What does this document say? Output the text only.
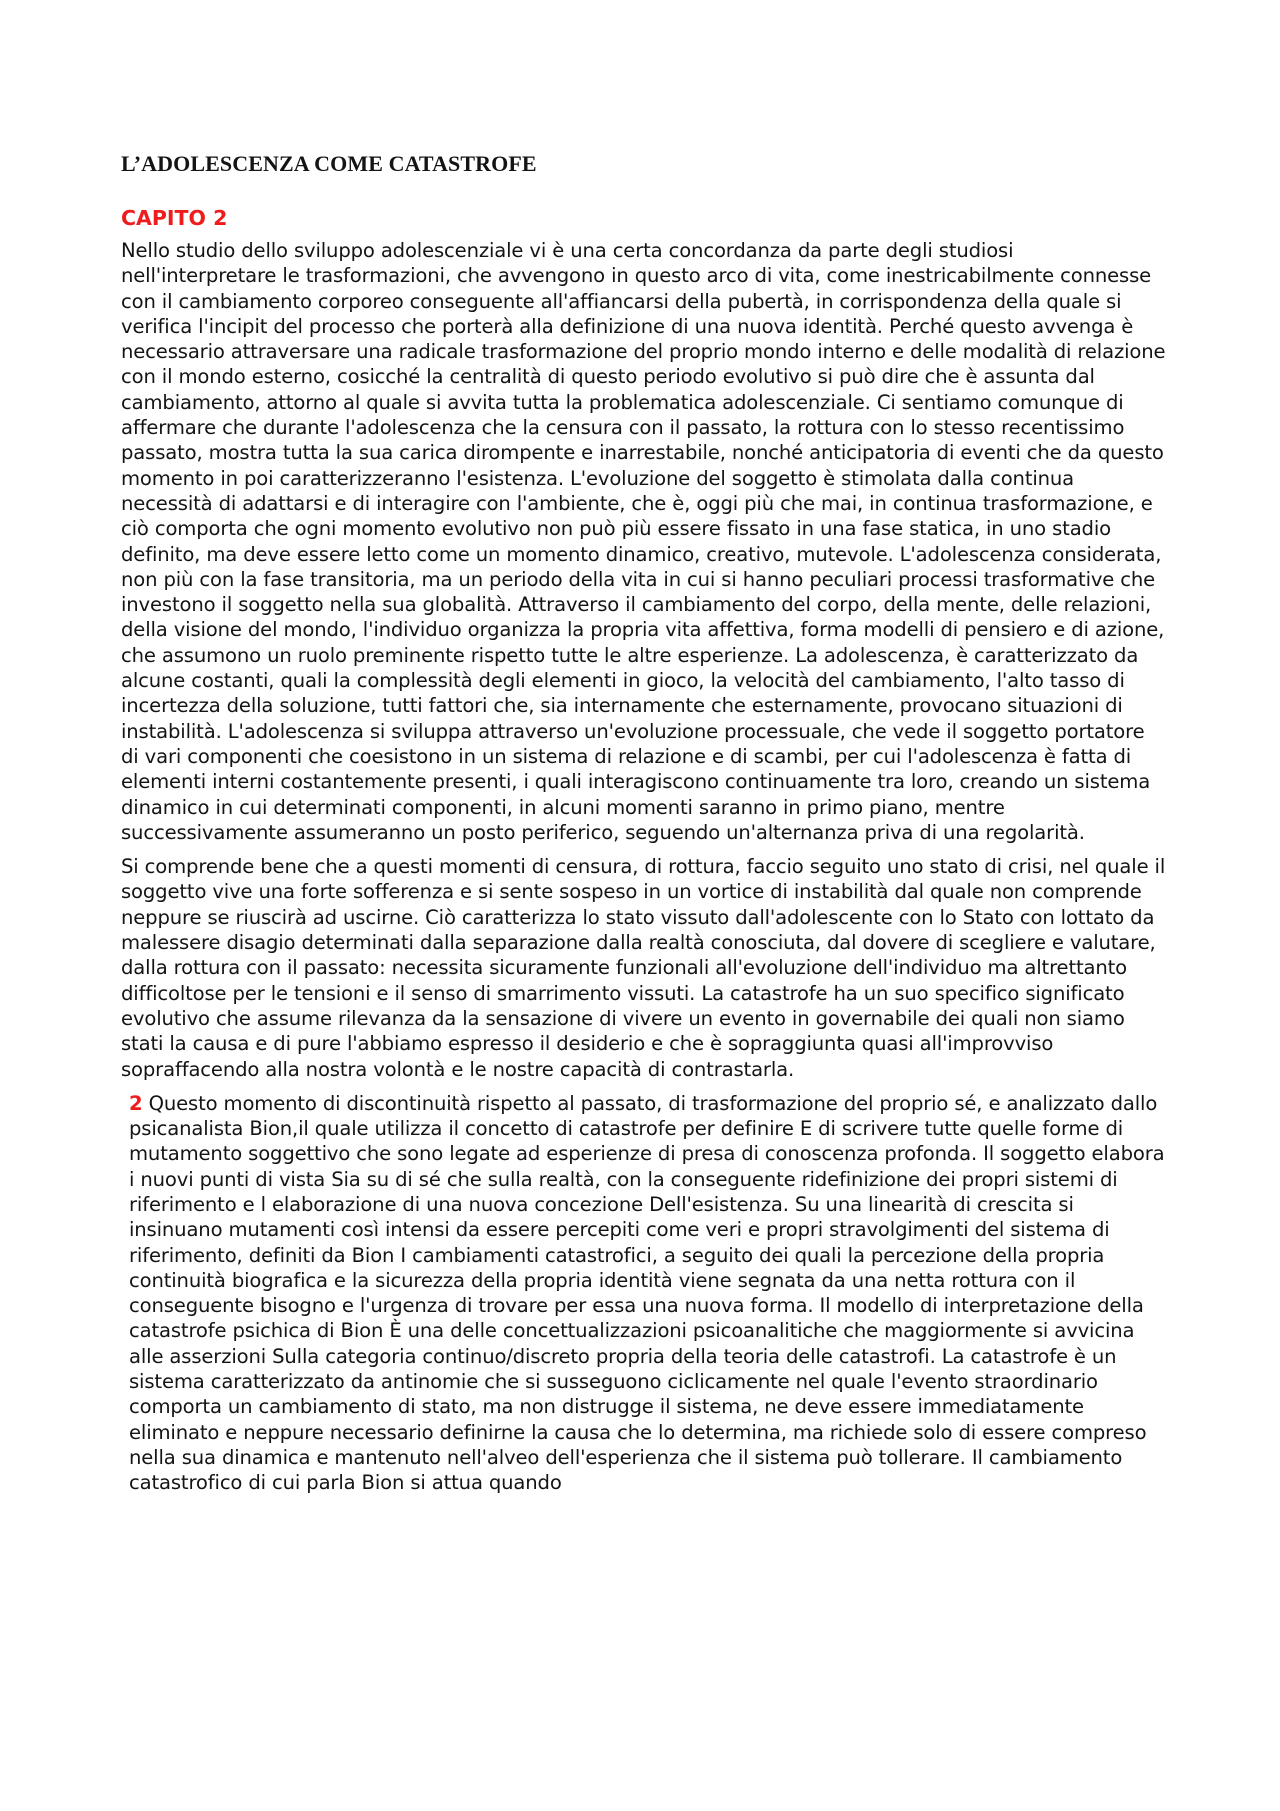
L’ADOLESCENZA COME CATASTROFE
CAPITO 2

Nello studio dello sviluppo adolescenziale vi è una certa concordanza da parte degli studiosi nell'interpretare le trasformazioni, che avvengono in questo arco di vita, come inestricabilmente connesse con il cambiamento corporeo conseguente all'affiancarsi della pubertà, in corrispondenza della quale si verifica l'incipit del processo che porterà alla definizione di una nuova identità. Perché questo avvenga è necessario attraversare una radicale trasformazione del proprio mondo interno e delle modalità di relazione con il mondo esterno, cosicché la centralità di questo periodo evolutivo si può dire che è assunta dal cambiamento, attorno al quale si avvita tutta la problematica adolescenziale. Ci sentiamo comunque di affermare che durante l'adolescenza che la censura con il passato, la rottura con lo stesso recentissimo passato, mostra tutta la sua carica dirompente e inarrestabile, nonché anticipatoria di eventi che da questo momento in poi caratterizzeranno l'esistenza. L'evoluzione del soggetto è stimolata dalla continua necessità di adattarsi e di interagire con l'ambiente, che è, oggi più che mai, in continua trasformazione, e ciò comporta che ogni momento evolutivo non può più essere fissato in una fase statica, in uno stadio definito, ma deve essere letto come un momento dinamico, creativo, mutevole. L'adolescenza considerata, non più con la fase transitoria, ma un periodo della vita in cui si hanno peculiari processi trasformative che investono il soggetto nella sua globalità. Attraverso il cambiamento del corpo, della mente, delle relazioni, della visione del mondo, l'individuo organizza la propria vita affettiva, forma modelli di pensiero e di azione, che assumono un ruolo preminente rispetto tutte le altre esperienze. La adolescenza, è caratterizzato da alcune costanti, quali la complessità degli elementi in gioco, la velocità del cambiamento, l'alto tasso di incertezza della soluzione, tutti fattori che, sia internamente che esternamente, provocano situazioni di instabilità. L'adolescenza si sviluppa attraverso un'evoluzione processuale, che vede il soggetto portatore di vari componenti che coesistono in un sistema di relazione e di scambi, per cui l'adolescenza è fatta di elementi interni costantemente presenti, i quali interagiscono continuamente tra loro, creando un sistema dinamico in cui determinati componenti, in alcuni momenti saranno in primo piano, mentre successivamente assumeranno un posto periferico, seguendo un'alternanza priva di una regolarità.

Si comprende bene che a questi momenti di censura, di rottura, faccio seguito uno stato di crisi, nel quale il soggetto vive una forte sofferenza e si sente sospeso in un vortice di instabilità dal quale non comprende neppure se riuscirà ad uscirne. Ciò caratterizza lo stato vissuto dall'adolescente con lo Stato con lottato da malessere disagio determinati dalla separazione dalla realtà conosciuta, dal dovere di scegliere e valutare, dalla rottura con il passato: necessita sicuramente funzionali all'evoluzione dell'individuo ma altrettanto difficoltose per le tensioni e il senso di smarrimento vissuti. La catastrofe ha un suo specifico significato evolutivo che assume rilevanza da la sensazione di vivere un evento in governabile dei quali non siamo stati la causa e di pure l'abbiamo espresso il desiderio e che è sopraggiunta quasi all'improvviso sopraffacendo alla nostra volontà e le nostre capacità di contrastarla.

2 Questo momento di discontinuità rispetto al passato, di trasformazione del proprio sé, e analizzato dallo psicanalista Bion,il quale utilizza il concetto di catastrofe per definire E di scrivere tutte quelle forme di mutamento soggettivo che sono legate ad esperienze di presa di conoscenza profonda. Il soggetto elabora i nuovi punti di vista Sia su di sé che sulla realtà, con la conseguente ridefinizione dei propri sistemi di riferimento e l elaborazione di una nuova concezione Dell'esistenza. Su una linearità di crescita si insinuano mutamenti così intensi da essere percepiti come veri e propri stravolgimenti del sistema di riferimento, definiti da Bion I cambiamenti catastrofici, a seguito dei quali la percezione della propria continuità biografica e la sicurezza della propria identità viene segnata da una netta rottura con il conseguente bisogno e l'urgenza di trovare per essa una nuova forma. Il modello di interpretazione della catastrofe psichica di Bion È una delle concettualizzazioni psicoanalitiche che maggiormente si avvicina alle asserzioni Sulla categoria continuo/discreto propria della teoria delle catastrofi. La catastrofe è un sistema caratterizzato da antinomie che si susseguono ciclicamente nel quale l'evento straordinario comporta un cambiamento di stato, ma non distrugge il sistema, ne deve essere immediatamente eliminato e neppure necessario definirne la causa che lo determina, ma richiede solo di essere compreso nella sua dinamica e mantenuto nell'alveo dell'esperienza che il sistema può tollerare. Il cambiamento catastrofico di cui parla Bion si attua quando
